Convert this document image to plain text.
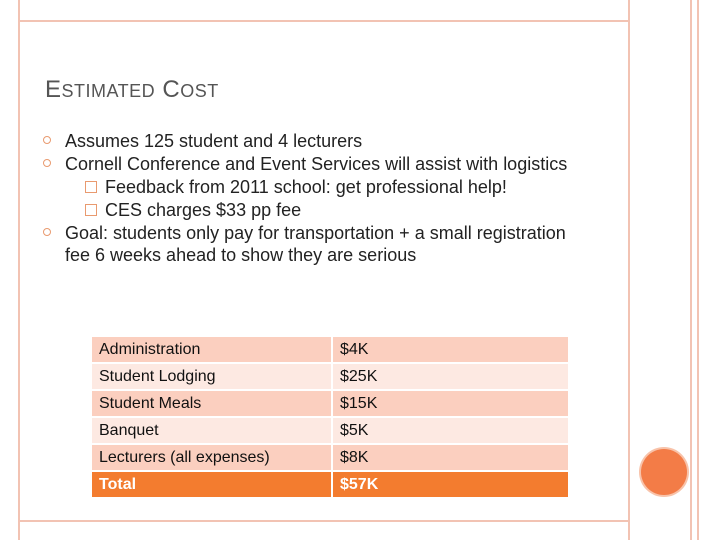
ESTIMATED COST
Assumes 125 student and 4 lecturers
Cornell Conference and Event Services will assist with logistics
Feedback from 2011 school: get professional help!
CES charges $33 pp fee
Goal: students only pay for transportation + a small registration fee 6 weeks ahead to show they are serious
Administration	$4K
Student Lodging	$25K
Student Meals	$15K
Banquet	$5K
Lecturers (all expenses)	$8K
Total	$57K
